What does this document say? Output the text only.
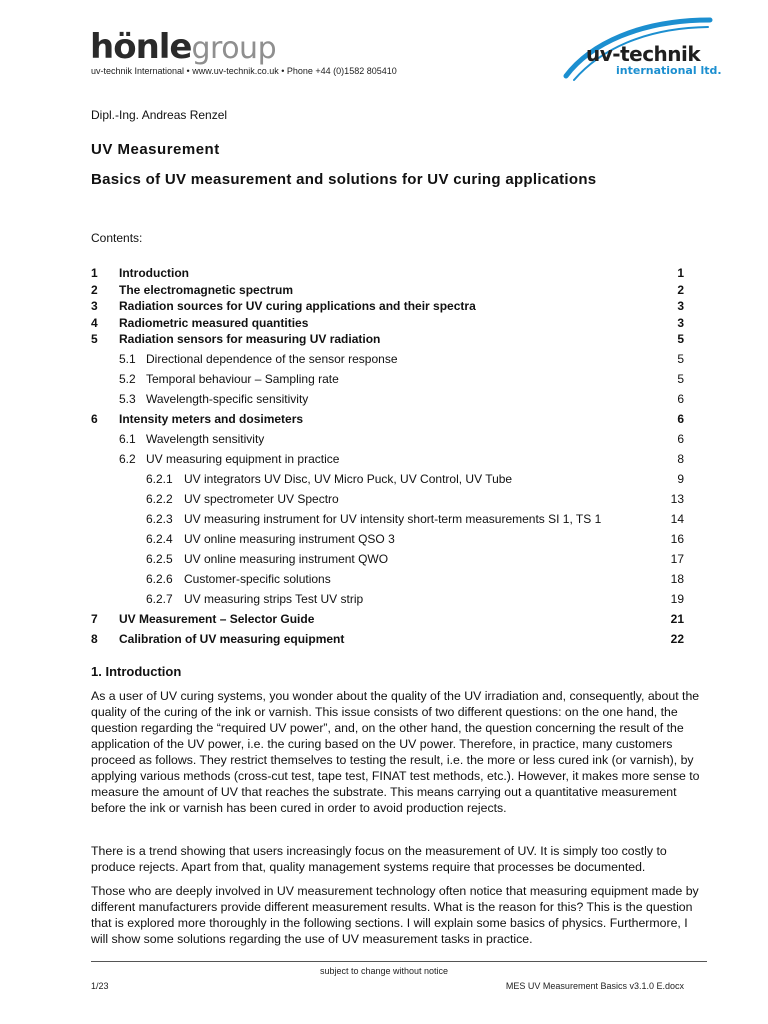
hönlegroup
uv-technik International • www.uv-technik.co.uk • Phone +44 (0)1582 805410
uv-technik
international ltd.
Dipl.-Ing. Andreas Renzel
UV Measurement
Basics of UV measurement and solutions for UV curing applications
Contents:
1 Introduction	1
2 The electromagnetic spectrum	2
3 Radiation sources for UV curing applications and their spectra	3
4 Radiometric measured quantities	3
5 Radiation sensors for measuring UV radiation	5
5.1 Directional dependence of the sensor response	5
5.2 Temporal behaviour – Sampling rate	5
5.3 Wavelength-specific sensitivity	6
6 Intensity meters and dosimeters	6
6.1 Wavelength sensitivity	6
6.2 UV measuring equipment in practice	8
6.2.1 UV integrators UV Disc, UV Micro Puck, UV Control, UV Tube	9
6.2.2 UV spectrometer UV Spectro	13
6.2.3 UV measuring instrument for UV intensity short-term measurements SI 1, TS 1	14
6.2.4 UV online measuring instrument QSO 3	16
6.2.5 UV online measuring instrument QWO	17
6.2.6 Customer-specific solutions	18
6.2.7 UV measuring strips Test UV strip	19
7 UV Measurement – Selector Guide	21
8 Calibration of UV measuring equipment	22
1. Introduction
As a user of UV curing systems, you wonder about the quality of the UV irradiation and, consequently, about the quality of the curing of the ink or varnish. This issue consists of two different questions: on the one hand, the question regarding the “required UV power”, and, on the other hand, the question concerning the result of the application of the UV power, i.e. the curing based on the UV power. Therefore, in practice, many customers proceed as follows. They restrict themselves to testing the result, i.e. the more or less cured ink (or varnish), by applying various methods (cross-cut test, tape test, FINAT test methods, etc.). However, it makes more sense to measure the amount of UV that reaches the substrate. This means carrying out a quantitative measurement before the ink or varnish has been cured in order to avoid production rejects.
There is a trend showing that users increasingly focus on the measurement of UV. It is simply too costly to produce rejects. Apart from that, quality management systems require that processes be documented.
Those who are deeply involved in UV measurement technology often notice that measuring equipment made by different manufacturers provide different measurement results. What is the reason for this? This is the question that is explored more thoroughly in the following sections. I will explain some basics of physics. Furthermore, I will show some solutions regarding the use of UV measurement tasks in practice.
subject to change without notice
1/23	MES UV Measurement Basics v3.1.0 E.docx
